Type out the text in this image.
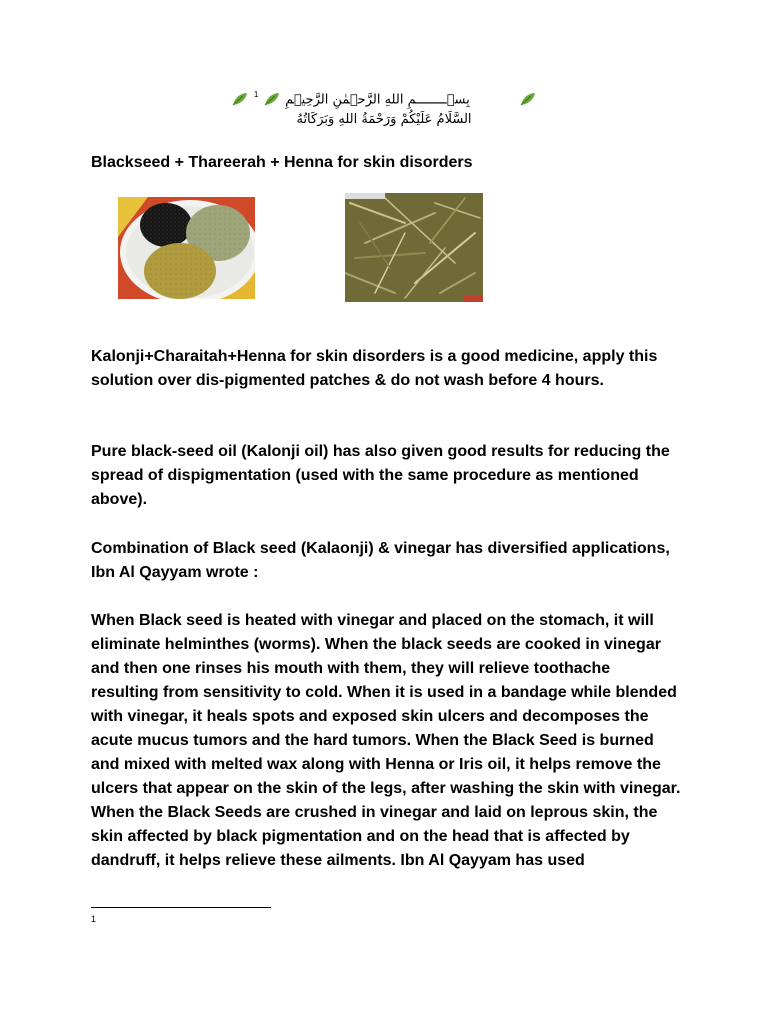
$^1$ بِسۡــــــــمِ اللهِ الرَّحۡمٰنِ الرَّحِیۡمِ
السَّلَامُ عَلَيْكُمْ وَرَحْمَةُ اللهِ وَبَرَكَاتُهُ
Blackseed + Thareerah + Henna for skin disorders

Kalonji+Charaitah+Henna for skin disorders is a good medicine, apply this solution over dis-pigmented patches & do not wash before 4 hours.

Pure black-seed oil (Kalonji oil) has also given good results for reducing the spread of dispigmentation (used with the same procedure as mentioned above).

Combination of Black seed (Kalaonji) & vinegar has diversified applications, Ibn Al Qayyam wrote :

When Black seed is heated with vinegar and placed on the stomach, it will eliminate helminthes (worms). When the black seeds are cooked in vinegar and then one rinses his mouth with them, they will relieve toothache resulting from sensitivity to cold. When it is used in a bandage while blended with vinegar, it heals spots and exposed skin ulcers and decomposes the acute mucus tumors and the hard tumors. When the Black Seed is burned and mixed with melted wax along with Henna or Iris oil, it helps remove the ulcers that appear on the skin of the legs, after washing the skin with vinegar. When the Black Seeds are crushed in vinegar and laid on leprous skin, the skin affected by black pigmentation and on the head that is affected by dandruff, it helps relieve these ailments. Ibn Al Qayyam has used

1
